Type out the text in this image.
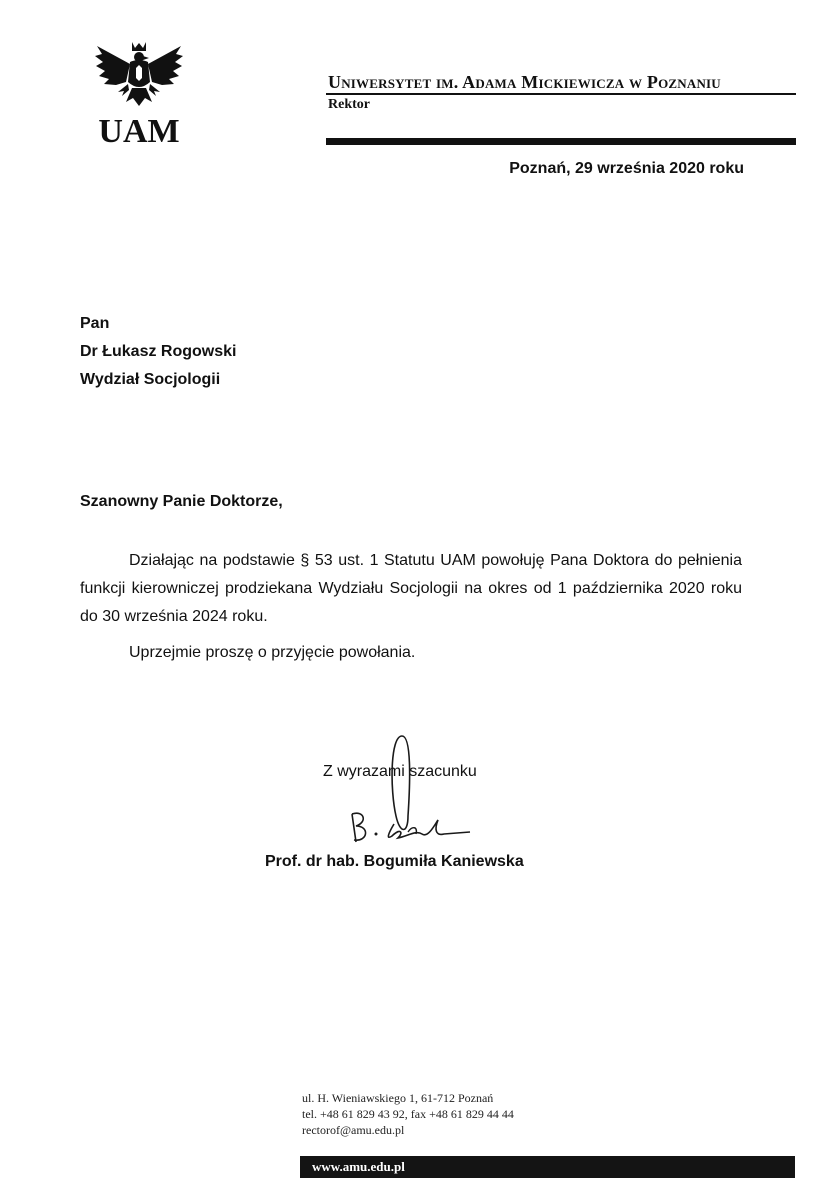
UAM
Uniwersytet im. Adama Mickiewicza w Poznaniu
Rektor
Poznań, 29 września 2020 roku
Pan
Dr Łukasz Rogowski
Wydział Socjologii
Szanowny Panie Doktorze,

Działając na podstawie § 53 ust. 1 Statutu UAM powołuję Pana Doktora do pełnienia funkcji kierowniczej prodziekana Wydziału Socjologii na okres od 1 października 2020 roku do 30 września 2024 roku.

Uprzejmie proszę o przyjęcie powołania.

Z wyrazami szacunku
B. Kan
Prof. dr hab. Bogumiła Kaniewska
ul. H. Wieniawskiego 1, 61-712 Poznań
tel. +48 61 829 43 92, fax +48 61 829 44 44
rectorof@amu.edu.pl
www.amu.edu.pl
